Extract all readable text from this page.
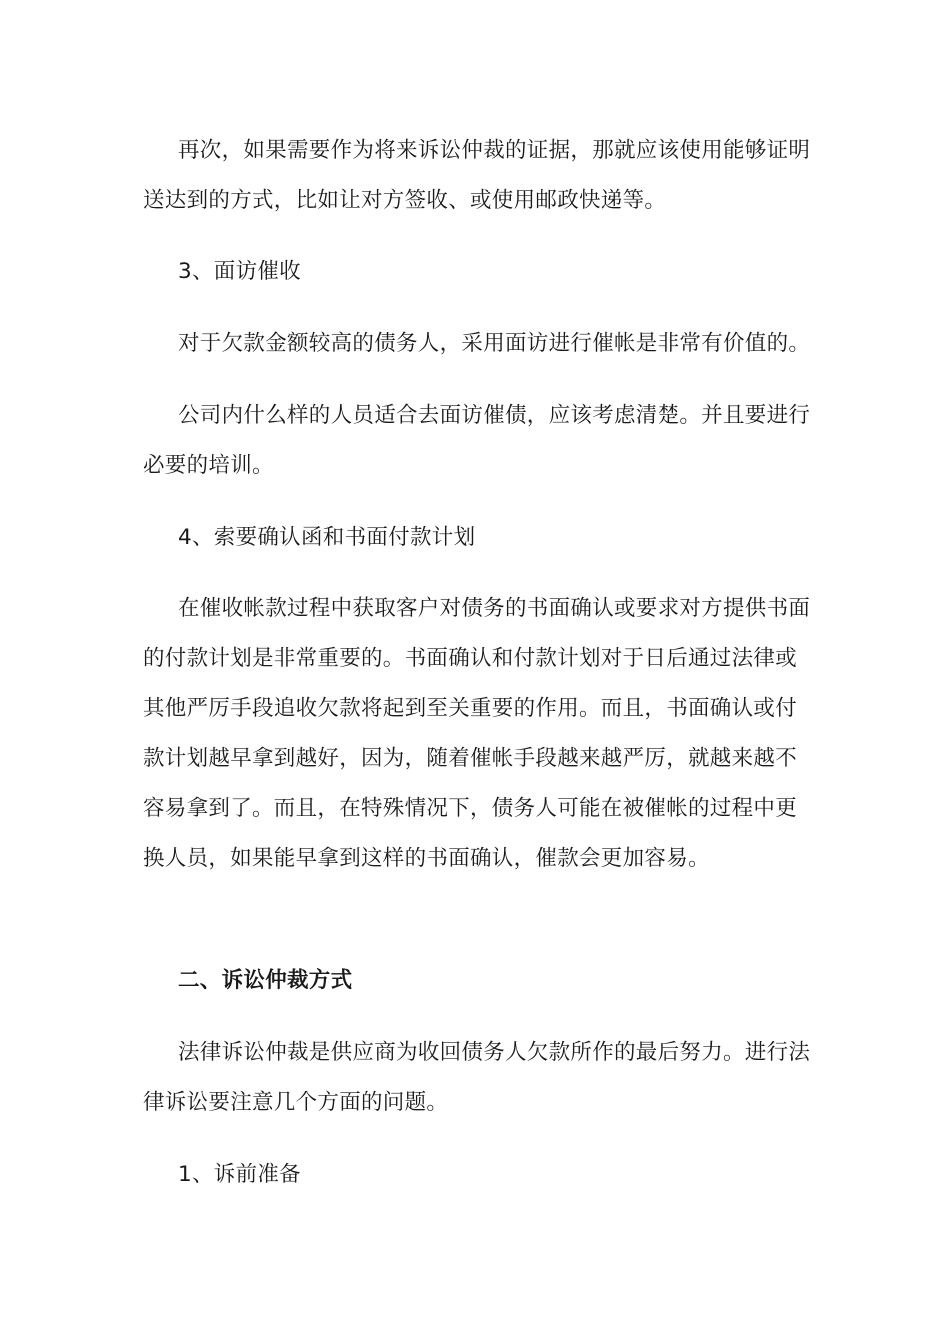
再次，如果需要作为将来诉讼仲裁的证据，那就应该使用能够证明送达到的方式，比如让对方签收、或使用邮政快递等。

3、面访催收

对于欠款金额较高的债务人，采用面访进行催帐是非常有价值的。

公司内什么样的人员适合去面访催债，应该考虑清楚。并且要进行必要的培训。

4、索要确认函和书面付款计划

在催收帐款过程中获取客户对债务的书面确认或要求对方提供书面的付款计划是非常重要的。书面确认和付款计划对于日后通过法律或其他严厉手段追收欠款将起到至关重要的作用。而且，书面确认或付款计划越早拿到越好，因为，随着催帐手段越来越严厉，就越来越不容易拿到了。而且，在特殊情况下，债务人可能在被催帐的过程中更换人员，如果能早拿到这样的书面确认，催款会更加容易。

二、诉讼仲裁方式

法律诉讼仲裁是供应商为收回债务人欠款所作的最后努力。进行法律诉讼要注意几个方面的问题。

1、诉前准备
